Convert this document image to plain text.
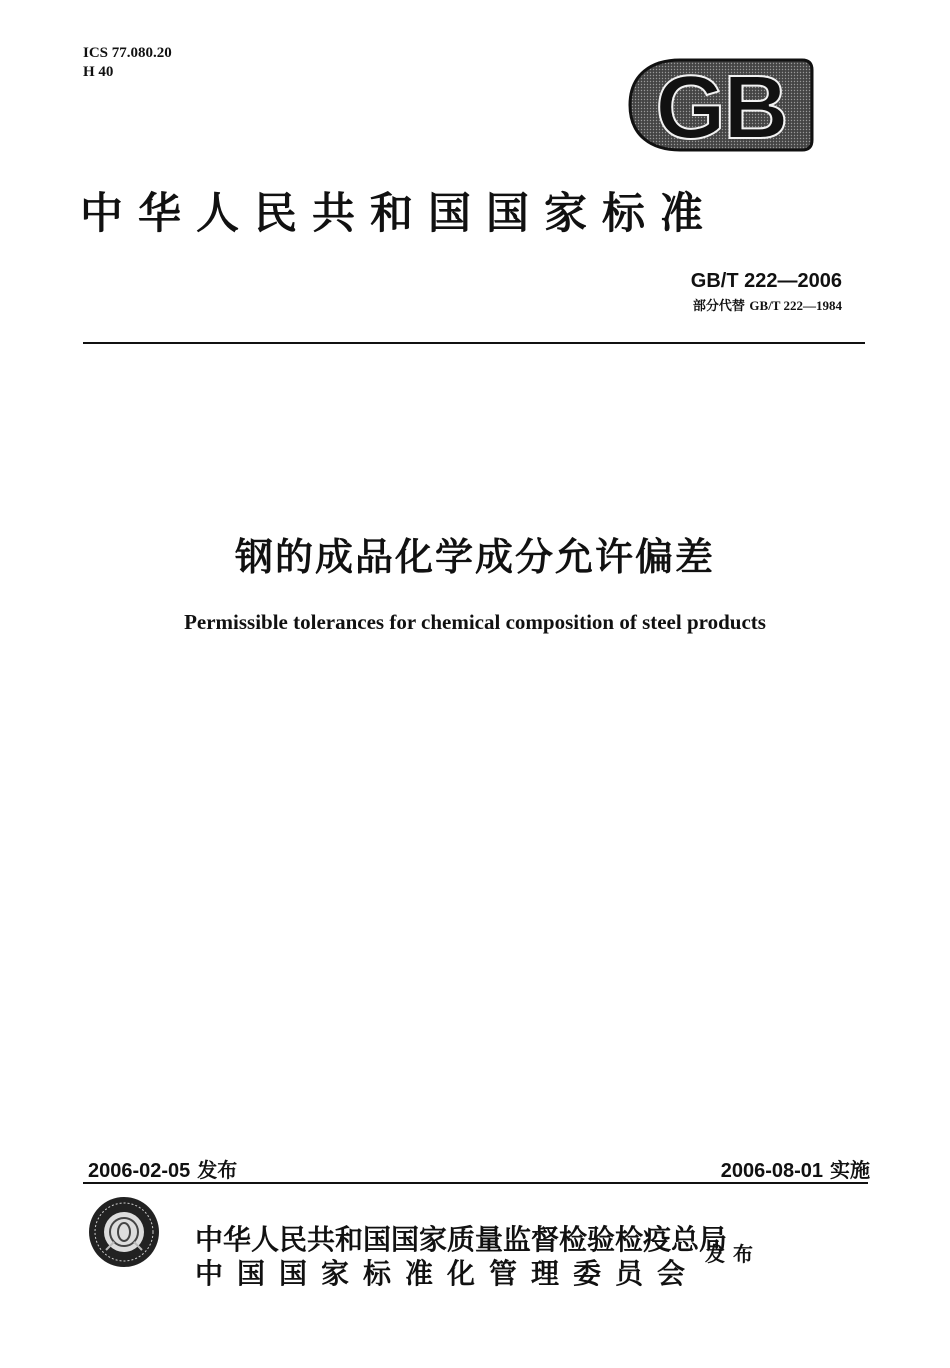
ICS 77.080.20
H 40	GB
中华人民共和国国家标准
GB/T 222—2006
部分代替 GB/T 222—1984
钢的成品化学成分允许偏差
Permissible tolerances for chemical composition of steel products
2006-02-05 发布	2006-08-01 实施
中华人民共和国国家质量监督检验检疫总局
中国国家标准化管理委员会
发布
